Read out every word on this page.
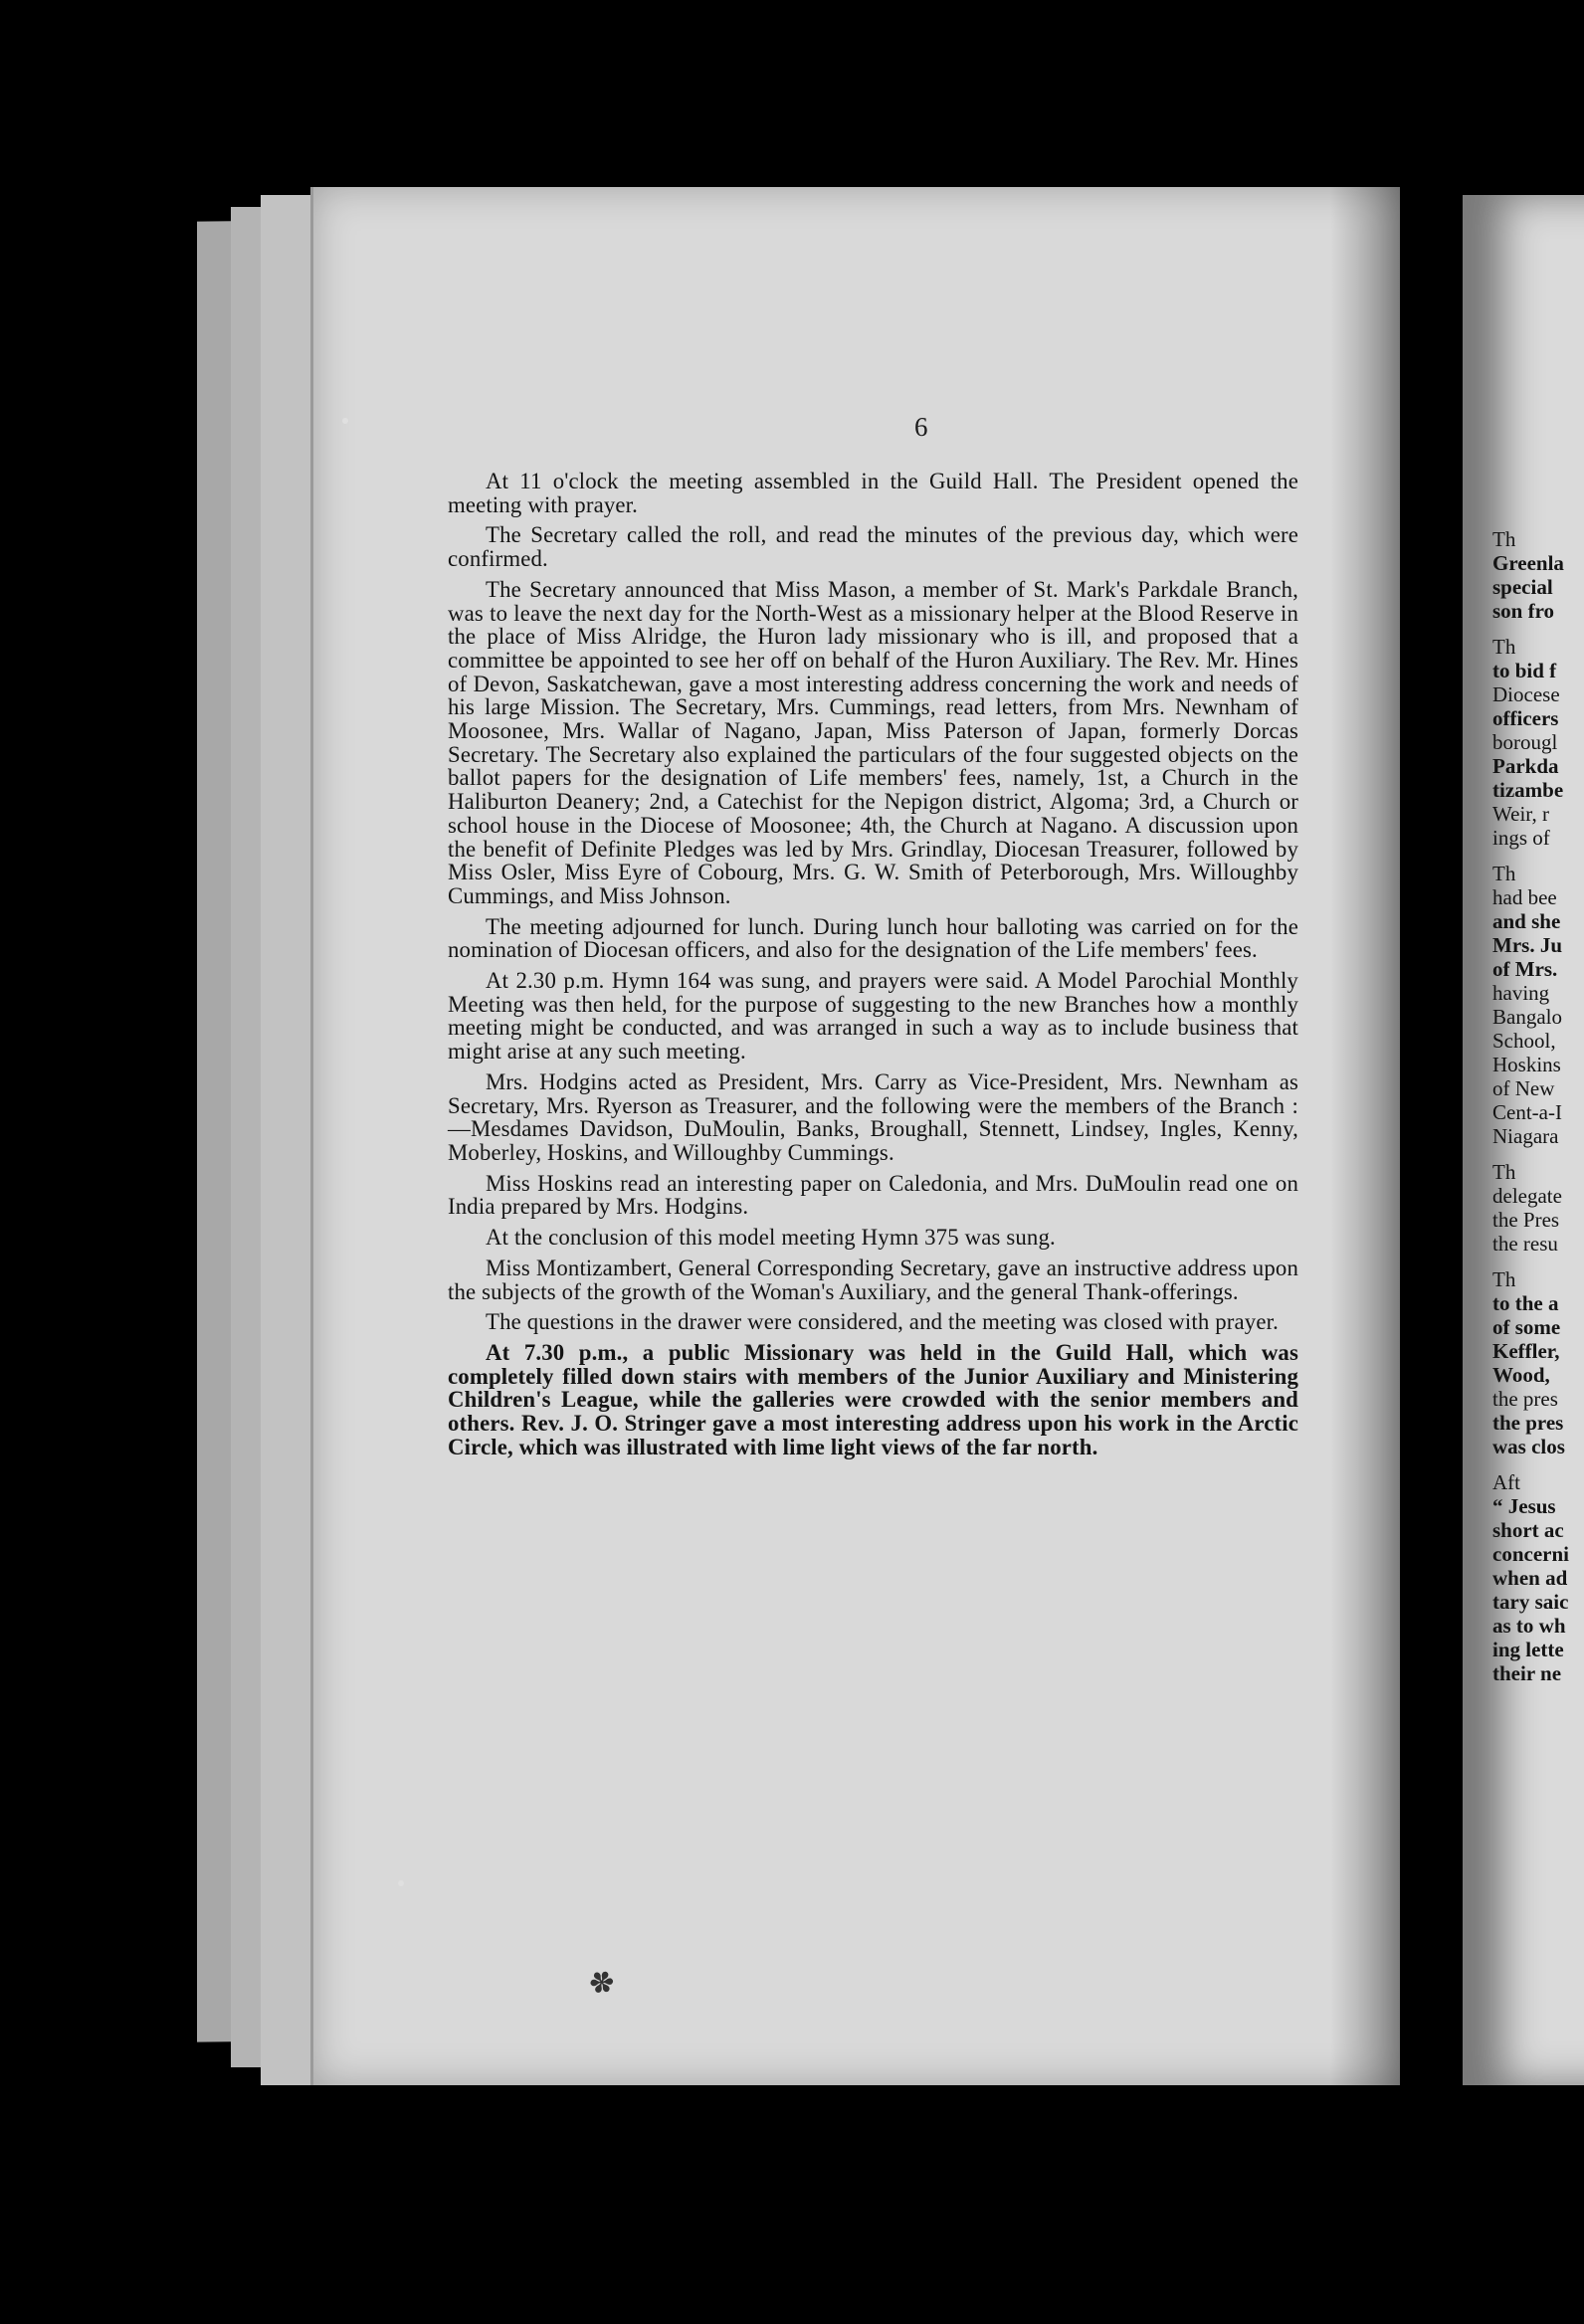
6

At 11 o'clock the meeting assembled in the Guild Hall. The President opened the meeting with prayer.

The Secretary called the roll, and read the minutes of the previous day, which were confirmed.

The Secretary announced that Miss Mason, a member of St. Mark's Parkdale Branch, was to leave the next day for the North-West as a missionary helper at the Blood Reserve in the place of Miss Alridge, the Huron lady missionary who is ill, and proposed that a committee be appointed to see her off on behalf of the Huron Auxiliary. The Rev. Mr. Hines of Devon, Saskatchewan, gave a most interesting address concerning the work and needs of his large Mission. The Secretary, Mrs. Cummings, read letters, from Mrs. Newnham of Moosonee, Mrs. Wallar of Nagano, Japan, Miss Paterson of Japan, formerly Dorcas Secretary. The Secretary also explained the particulars of the four suggested objects on the ballot papers for the designation of Life members' fees, namely, 1st, a Church in the Haliburton Deanery; 2nd, a Catechist for the Nepigon district, Algoma; 3rd, a Church or school house in the Diocese of Moosonee; 4th, the Church at Nagano. A discussion upon the benefit of Definite Pledges was led by Mrs. Grindlay, Diocesan Treasurer, followed by Miss Osler, Miss Eyre of Cobourg, Mrs. G. W. Smith of Peterborough, Mrs. Willoughby Cummings, and Miss Johnson.

The meeting adjourned for lunch. During lunch hour balloting was carried on for the nomination of Diocesan officers, and also for the designation of the Life members' fees.

At 2.30 p.m. Hymn 164 was sung, and prayers were said. A Model Parochial Monthly Meeting was then held, for the purpose of suggesting to the new Branches how a monthly meeting might be conducted, and was arranged in such a way as to include business that might arise at any such meeting.

Mrs. Hodgins acted as President, Mrs. Carry as Vice-President, Mrs. Newnham as Secretary, Mrs. Ryerson as Treasurer, and the following were the members of the Branch :—Mesdames Davidson, DuMoulin, Banks, Broughall, Stennett, Lindsey, Ingles, Kenny, Moberley, Hoskins, and Willoughby Cummings.

Miss Hoskins read an interesting paper on Caledonia, and Mrs. DuMoulin read one on India prepared by Mrs. Hodgins.

At the conclusion of this model meeting Hymn 375 was sung.

Miss Montizambert, General Corresponding Secretary, gave an instructive address upon the subjects of the growth of the Woman's Auxiliary, and the general Thank-offerings.

The questions in the drawer were considered, and the meeting was closed with prayer.

At 7.30 p.m., a public Missionary was held in the Guild Hall, which was completely filled down stairs with members of the Junior Auxiliary and Ministering Children's League, while the galleries were crowded with the senior members and others. Rev. J. O. Stringer gave a most interesting address upon his work in the Arctic Circle, which was illustrated with lime light views of the far north.

✽
Th
Greenla
special
son fro
Th
to bid f
Diocese
officers
borougl
Parkda
tizambe
Weir, r
ings of
Th
had bee
and she
Mrs. Ju
of Mrs.
having
Bangalo
School,
Hoskins
of New
Cent-a-I
Niagara
Th
delegate
the Pres
the resu
Th
to the a
of some
Keffler,
Wood,
the pres
the pres
was clos
Aft
“ Jesus
short ac
concerni
when ad
tary saic
as to wh
ing lette
their ne
